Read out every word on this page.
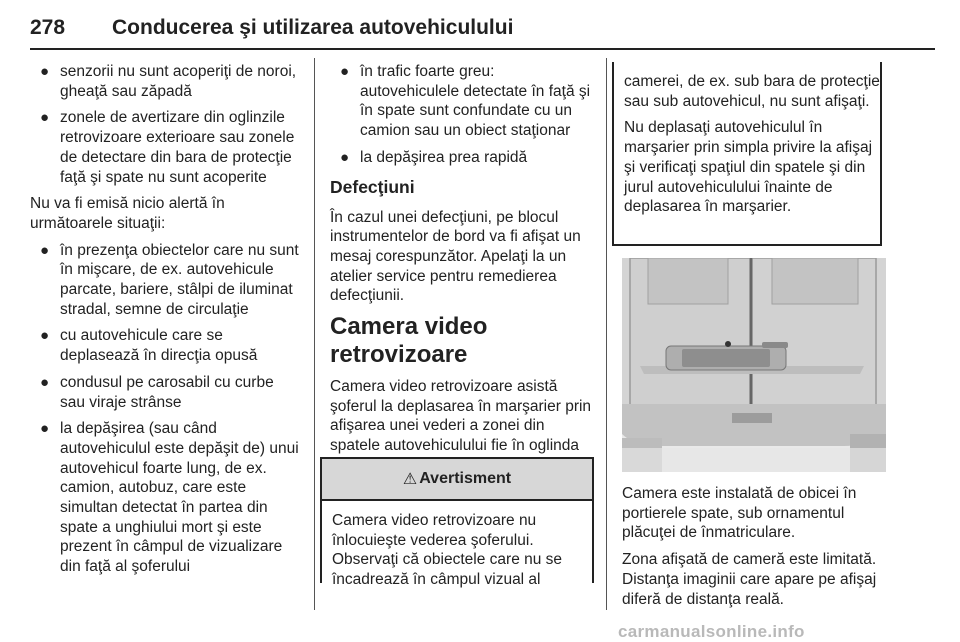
278 Conducerea şi utilizarea autovehiculului
● senzorii nu sunt acoperiţi de noroi, gheaţă sau zăpadă
● zonele de avertizare din oglinzile retrovizoare exterioare sau zonele de detectare din bara de protecţie faţă şi spate nu sunt acoperite

Nu va fi emisă nicio alertă în următoarele situaţii:

● în prezenţa obiectelor care nu sunt în mişcare, de ex. autovehicule parcate, bariere, stâlpi de iluminat stradal, semne de circulaţie
● cu autovehicule care se deplasează în direcţia opusă
● condusul pe carosabil cu curbe sau viraje strânse
● la depăşirea (sau când autovehiculul este depăşit de) unui autovehicul foarte lung, de ex. camion, autobuz, care este simultan detectat în partea din spate a unghiului mort şi este prezent în câmpul de vizualizare din faţă al şoferului
● în trafic foarte greu: autovehiculele detectate în faţă şi în spate sunt confundate cu un camion sau un obiect staţionar
● la depăşirea prea rapidă
Defecţiuni

În cazul unei defecţiuni, pe blocul instrumentelor de bord va fi afişat un mesaj corespunzător. Apelaţi la un atelier service pentru remedierea defecţiunii.

Camera video retrovizoare

Camera video retrovizoare asistă şoferul la deplasarea în marşarier prin afişarea unei vederi a zonei din spatele autovehiculului fie în oglinda

⚠ Avertisment
Camera video retrovizoare nu înlocuieşte vederea şoferului. Observaţi că obiectele care nu se încadrează în câmpul vizual al

camerei, de ex. sub bara de protecţie sau sub autovehicul, nu sunt afişaţi.

Nu deplasaţi autovehiculul în marşarier prin simpla privire la afişaj şi verificaţi spaţiul din spatele şi din jurul autovehiculului înainte de deplasarea în marşarier.

Camera este instalată de obicei în portierele spate, sub ornamentul plăcuţei de înmatriculare.

Zona afişată de cameră este limitată. Distanţa imaginii care apare pe afişaj diferă de distanţa reală.

carmanualsonline.info
